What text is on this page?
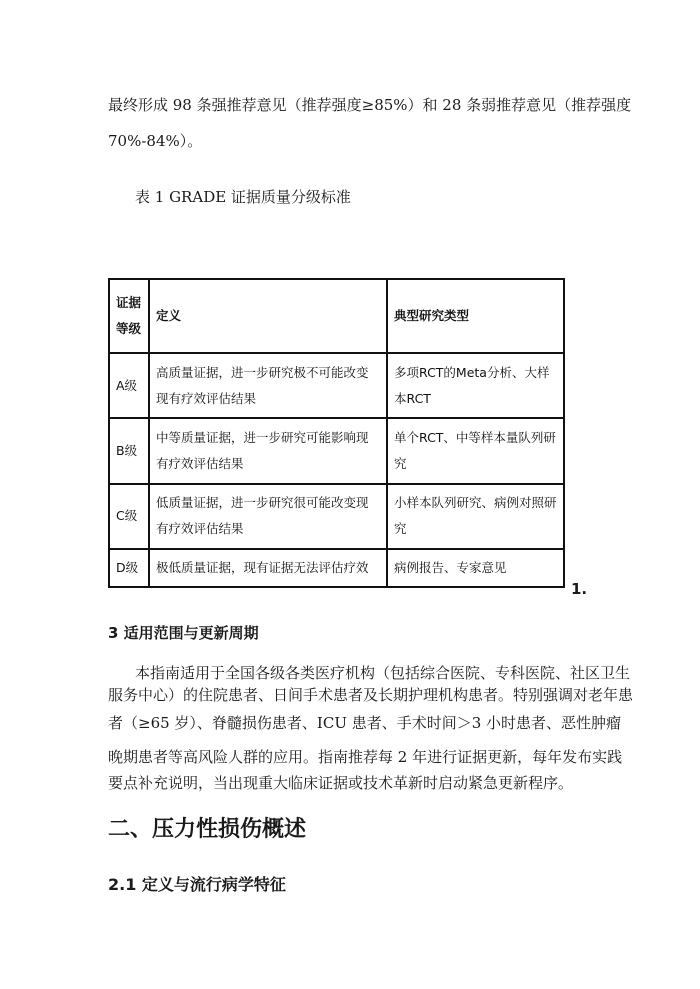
最终形成 98 条强推荐意见（推荐强度≥85%）和 28 条弱推荐意见（推荐强度
70%-84%）。
表 1 GRADE 证据质量分级标准
证据等级	定义	典型研究类型
A级	高质量证据，进一步研究极不可能改变现有疗效评估结果	多项RCT的Meta分析、大样本RCT
B级	中等质量证据，进一步研究可能影响现有疗效评估结果	单个RCT、中等样本量队列研究
C级	低质量证据，进一步研究很可能改变现有疗效评估结果	小样本队列研究、病例对照研究
D级	极低质量证据，现有证据无法评估疗效	病例报告、专家意见
1.
3 适用范围与更新周期
本指南适用于全国各级各类医疗机构（包括综合医院、专科医院、社区卫生
服务中心）的住院患者、日间手术患者及长期护理机构患者。特别强调对老年患
者（≥65 岁）、脊髓损伤患者、ICU 患者、手术时间＞3 小时患者、恶性肿瘤
晚期患者等高风险人群的应用。指南推荐每 2 年进行证据更新，每年发布实践
要点补充说明，当出现重大临床证据或技术革新时启动紧急更新程序。
二、压力性损伤概述
2.1 定义与流行病学特征
